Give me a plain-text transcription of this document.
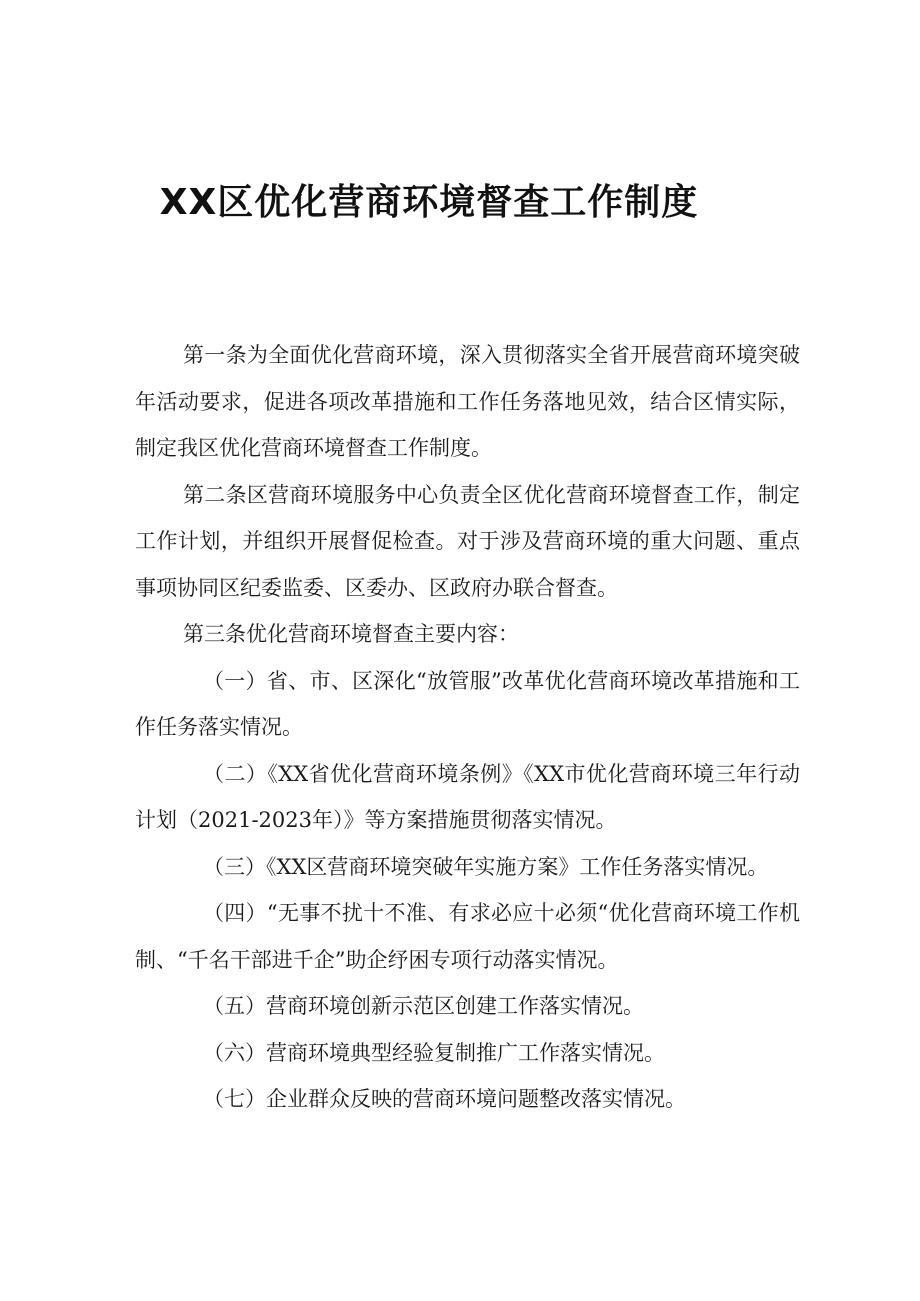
XX区优化营商环境督查工作制度

第一条为全面优化营商环境，深入贯彻落实全省开展营商环境突破年活动要求，促进各项改革措施和工作任务落地见效，结合区情实际，制定我区优化营商环境督查工作制度。

第二条区营商环境服务中心负责全区优化营商环境督查工作，制定工作计划，并组织开展督促检查。对于涉及营商环境的重大问题、重点事项协同区纪委监委、区委办、区政府办联合督查。

第三条优化营商环境督查主要内容：

（一）省、市、区深化“放管服”改革优化营商环境改革措施和工作任务落实情况。

（二）《XX省优化营商环境条例》《XX市优化营商环境三年行动计划（2021-2023年）》等方案措施贯彻落实情况。

（三）《XX区营商环境突破年实施方案》工作任务落实情况。

（四）“无事不扰十不准、有求必应十必须“优化营商环境工作机制、“千名干部进千企”助企纾困专项行动落实情况。

（五）营商环境创新示范区创建工作落实情况。

（六）营商环境典型经验复制推广工作落实情况。

（七）企业群众反映的营商环境问题整改落实情况。
